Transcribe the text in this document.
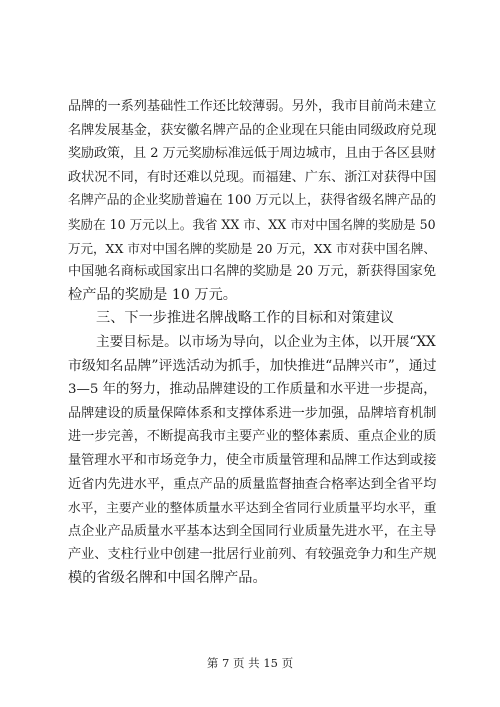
品牌的一系列基础性工作还比较薄弱。另外，我市目前尚未建立
名牌发展基金，获安徽名牌产品的企业现在只能由同级政府兑现
奖励政策，且 2 万元奖励标准远低于周边城市，且由于各区县财
政状况不同，有时还难以兑现。而福建、广东、浙江对获得中国
名牌产品的企业奖励普遍在 100 万元以上，获得省级名牌产品的
奖励在 10 万元以上。我省 XX 市、XX 市对中国名牌的奖励是 50
万元，XX 市对中国名牌的奖励是 20 万元，XX 市对获中国名牌、
中国驰名商标或国家出口名牌的奖励是 20 万元，新获得国家免
检产品的奖励是 10 万元。
三、下一步推进名牌战略工作的目标和对策建议
主要目标是。以市场为导向，以企业为主体，以开展“XX
市级知名品牌”评选活动为抓手，加快推进“品牌兴市”，通过
3—5 年的努力，推动品牌建设的工作质量和水平进一步提高，
品牌建设的质量保障体系和支撑体系进一步加强，品牌培育机制
进一步完善，不断提高我市主要产业的整体素质、重点企业的质
量管理水平和市场竞争力，使全市质量管理和品牌工作达到或接
近省内先进水平，重点产品的质量监督抽查合格率达到全省平均
水平，主要产业的整体质量水平达到全省同行业质量平均水平，重
点企业产品质量水平基本达到全国同行业质量先进水平，在主导
产业、支柱行业中创建一批居行业前列、有较强竞争力和生产规
模的省级名牌和中国名牌产品。
第 7 页 共 15 页
